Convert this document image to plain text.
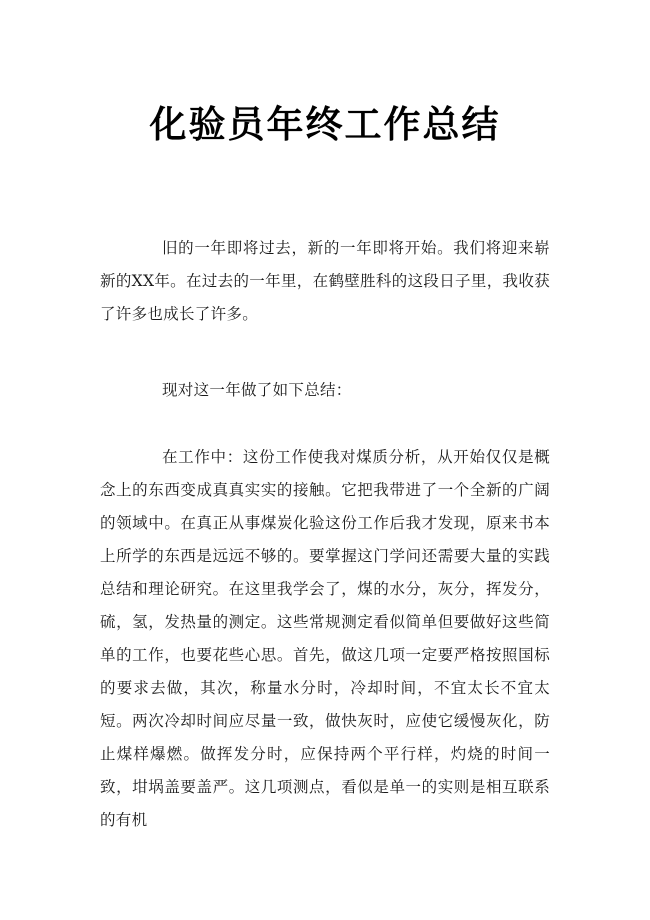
化验员年终工作总结
旧的一年即将过去，新的一年即将开始。我们将迎来崭新的XX年。在过去的一年里，在鹤壁胜科的这段日子里，我收获了许多也成长了许多。
现对这一年做了如下总结：
在工作中：这份工作使我对煤质分析，从开始仅仅是概念上的东西变成真真实实的接触。它把我带进了一个全新的广阔的领域中。在真正从事煤炭化验这份工作后我才发现，原来书本上所学的东西是远远不够的。要掌握这门学问还需要大量的实践总结和理论研究。在这里我学会了，煤的水分，灰分，挥发分，硫，氢，发热量的测定。这些常规测定看似简单但要做好这些简单的工作，也要花些心思。首先，做这几项一定要严格按照国标的要求去做，其次，称量水分时，冷却时间，不宜太长不宜太短。两次冷却时间应尽量一致，做快灰时，应使它缓慢灰化，防止煤样爆燃。做挥发分时，应保持两个平行样，灼烧的时间一致，坩埚盖要盖严。这几项测点，看似是单一的实则是相互联系的有机
